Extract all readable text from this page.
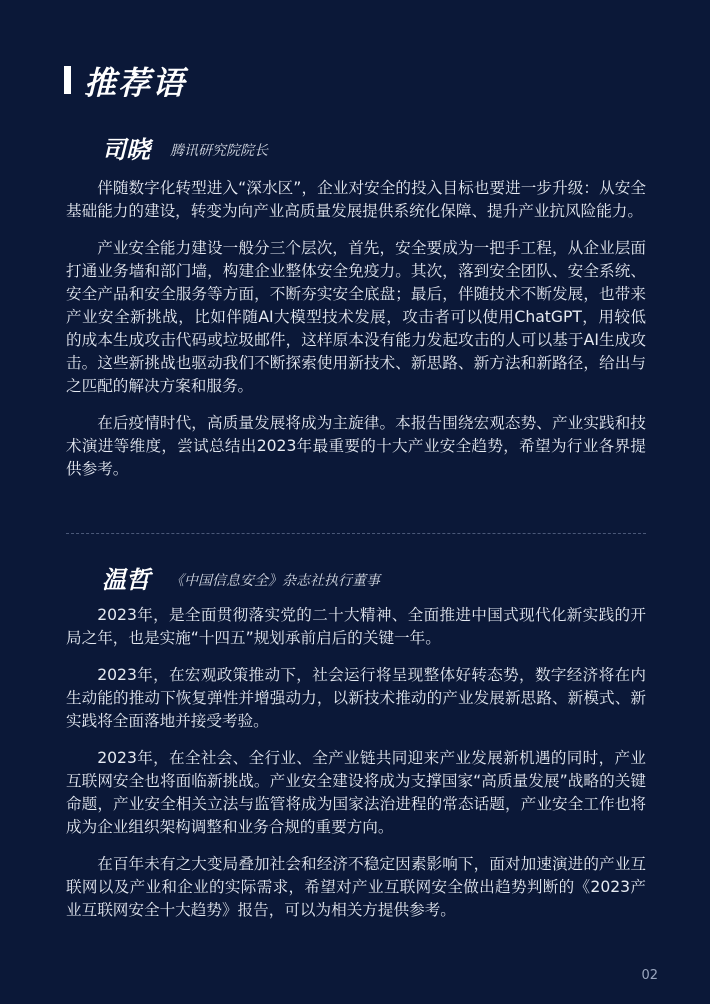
推荐语
司晓 腾讯研究院院长

伴随数字化转型进入“深水区”，企业对安全的投入目标也要进一步升级：从安全基础能力的建设，转变为向产业高质量发展提供系统化保障、提升产业抗风险能力。

产业安全能力建设一般分三个层次，首先，安全要成为一把手工程，从企业层面打通业务墙和部门墙，构建企业整体安全免疫力。其次，落到安全团队、安全系统、安全产品和安全服务等方面，不断夯实安全底盘；最后，伴随技术不断发展，也带来产业安全新挑战，比如伴随AI大模型技术发展，攻击者可以使用ChatGPT，用较低的成本生成攻击代码或垃圾邮件，这样原本没有能力发起攻击的人可以基于AI生成攻击。这些新挑战也驱动我们不断探索使用新技术、新思路、新方法和新路径，给出与之匹配的解决方案和服务。

在后疫情时代，高质量发展将成为主旋律。本报告围绕宏观态势、产业实践和技术演进等维度，尝试总结出2023年最重要的十大产业安全趋势，希望为行业各界提供参考。

温哲 《中国信息安全》杂志社执行董事

2023年，是全面贯彻落实党的二十大精神、全面推进中国式现代化新实践的开局之年，也是实施“十四五”规划承前启后的关键一年。

2023年，在宏观政策推动下，社会运行将呈现整体好转态势，数字经济将在内生动能的推动下恢复弹性并增强动力，以新技术推动的产业发展新思路、新模式、新实践将全面落地并接受考验。

2023年，在全社会、全行业、全产业链共同迎来产业发展新机遇的同时，产业互联网安全也将面临新挑战。产业安全建设将成为支撑国家“高质量发展”战略的关键命题，产业安全相关立法与监管将成为国家法治进程的常态话题，产业安全工作也将成为企业组织架构调整和业务合规的重要方向。

在百年未有之大变局叠加社会和经济不稳定因素影响下，面对加速演进的产业互联网以及产业和企业的实际需求，希望对产业互联网安全做出趋势判断的《2023产业互联网安全十大趋势》报告，可以为相关方提供参考。

02
